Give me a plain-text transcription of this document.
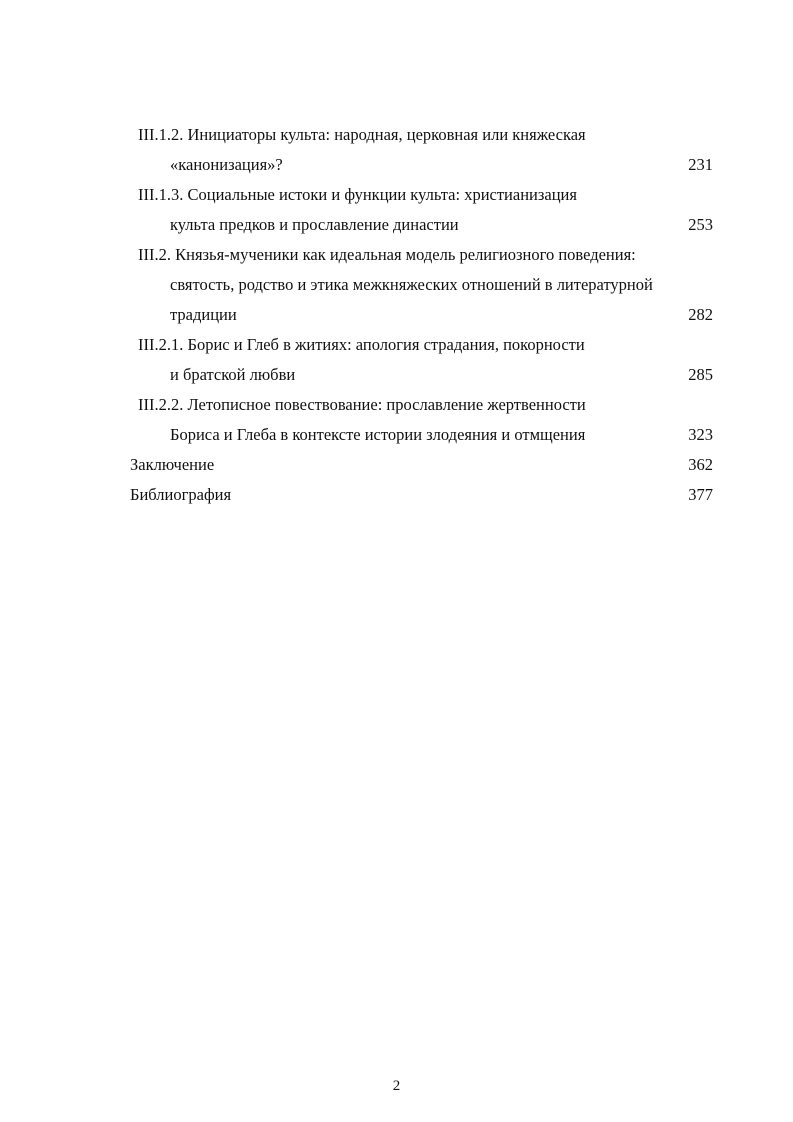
III.1.2. Инициаторы культа: народная, церковная или княжеская
«канонизация»?	231
III.1.3. Социальные истоки и функции культа: христианизация
культа предков и прославление династии	253
III.2. Князья-мученики как идеальная модель религиозного поведения:
святость, родство и этика межкняжеских отношений в литературной
традиции	282
III.2.1. Борис и Глеб в житиях: апология страдания, покорности
и братской любви	285
III.2.2. Летописное повествование: прославление жертвенности
Бориса и Глеба в контексте истории злодеяния и отмщения	323
Заключение	362
Библиография	377
2
